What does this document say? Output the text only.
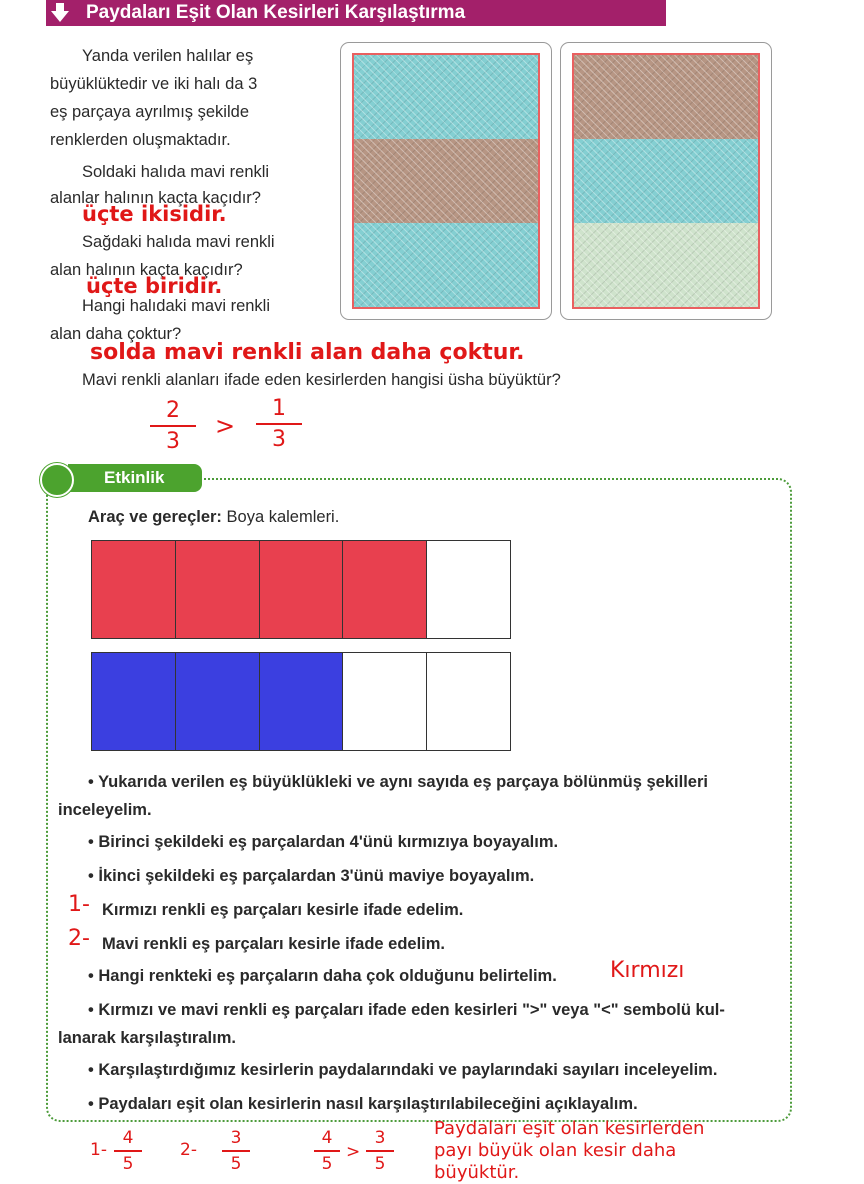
Paydaları Eşit Olan Kesirleri Karşılaştırma
Yanda verilen halılar eş
büyüklüktedir ve iki halı da 3
eş parçaya ayrılmış şekilde
renklerden oluşmaktadır.
Soldaki halıda mavi renkli
alanlar halının kaçta kaçıdır?
üçte ikisidir.
Sağdaki halıda mavi renkli
alan halının kaçta kaçıdır?
üçte biridir.
Hangi halıdaki mavi renkli
alan daha çoktur?
solda mavi renkli alan daha çoktur.
Mavi renkli alanları ifade eden kesirlerden hangisi üsha büyüktür?
2
3
>
1
3
Etkinlik
Araç ve gereçler: Boya kalemleri.
• Yukarıda verilen eş büyüklükleki ve aynı sayıda eş parçaya bölünmüş şekilleri
inceleyelim.
• Birinci şekildeki eş parçalardan 4'ünü kırmızıya boyayalım.
• İkinci şekildeki eş parçalardan 3'ünü maviye boyayalım.
1- Kırmızı renkli eş parçaları kesirle ifade edelim.
2- Mavi renkli eş parçaları kesirle ifade edelim.
• Hangi renkteki eş parçaların daha çok olduğunu belirtelim. Kırmızı
• Kırmızı ve mavi renkli eş parçaları ifade eden kesirleri ">" veya "<" sembolü kul-
lanarak karşılaştıralım.
• Karşılaştırdığımız kesirlerin paydalarındaki ve paylarındaki sayıları inceleyelim.
• Paydaları eşit olan kesirlerin nasıl karşılaştırılabileceğini açıklayalım.
1-
4
5
2-
3
5
4
5
>
3
5
Paydaları eşit olan kesirlerden
payı büyük olan kesir daha
büyüktür.
